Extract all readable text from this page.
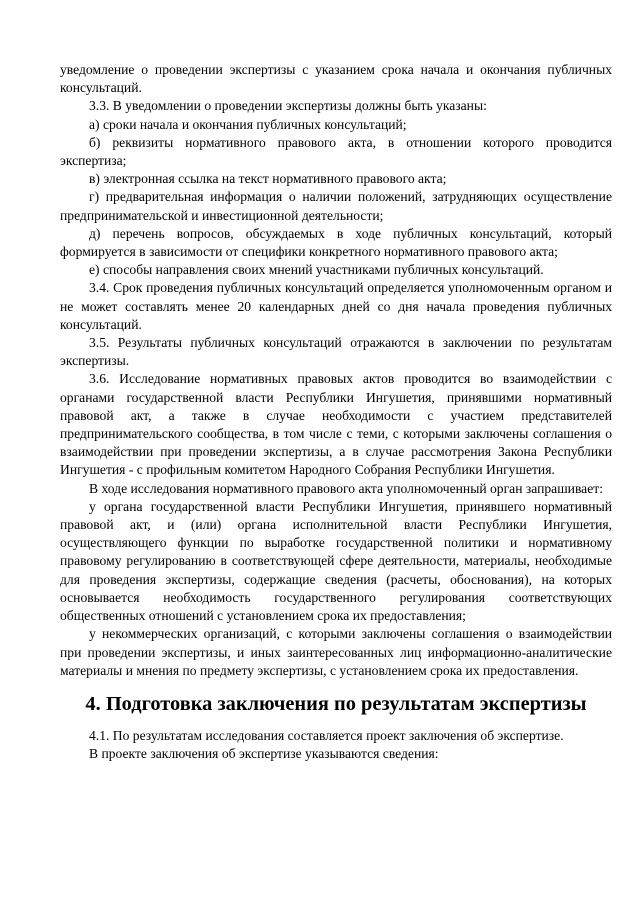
уведомление о проведении экспертизы с указанием срока начала и окончания публичных консультаций.

3.3. В уведомлении о проведении экспертизы должны быть указаны:

а) сроки начала и окончания публичных консультаций;

б) реквизиты нормативного правового акта, в отношении которого проводится экспертиза;

в) электронная ссылка на текст нормативного правового акта;

г) предварительная информация о наличии положений, затрудняющих осуществление предпринимательской и инвестиционной деятельности;

д) перечень вопросов, обсуждаемых в ходе публичных консультаций, который формируется в зависимости от специфики конкретного нормативного правового акта;

е) способы направления своих мнений участниками публичных консультаций.

3.4. Срок проведения публичных консультаций определяется уполномоченным органом и не может составлять менее 20 календарных дней со дня начала проведения публичных консультаций.

3.5. Результаты публичных консультаций отражаются в заключении по результатам экспертизы.

3.6. Исследование нормативных правовых актов проводится во взаимодействии с органами государственной власти Республики Ингушетия, принявшими нормативный правовой акт, а также в случае необходимости с участием представителей предпринимательского сообщества, в том числе с теми, с которыми заключены соглашения о взаимодействии при проведении экспертизы, а в случае рассмотрения Закона Республики Ингушетия - с профильным комитетом Народного Собрания Республики Ингушетия.

В ходе исследования нормативного правового акта уполномоченный орган запрашивает:

у органа государственной власти Республики Ингушетия, принявшего нормативный правовой акт, и (или) органа исполнительной власти Республики Ингушетия, осуществляющего функции по выработке государственной политики и нормативному правовому регулированию в соответствующей сфере деятельности, материалы, необходимые для проведения экспертизы, содержащие сведения (расчеты, обоснования), на которых основывается необходимость государственного регулирования соответствующих общественных отношений с установлением срока их предоставления;

у некоммерческих организаций, с которыми заключены соглашения о взаимодействии при проведении экспертизы, и иных заинтересованных лиц информационно-аналитические материалы и мнения по предмету экспертизы, с установлением срока их предоставления.

4. Подготовка заключения по результатам экспертизы

4.1. По результатам исследования составляется проект заключения об экспертизе.

В проекте заключения об экспертизе указываются сведения:
